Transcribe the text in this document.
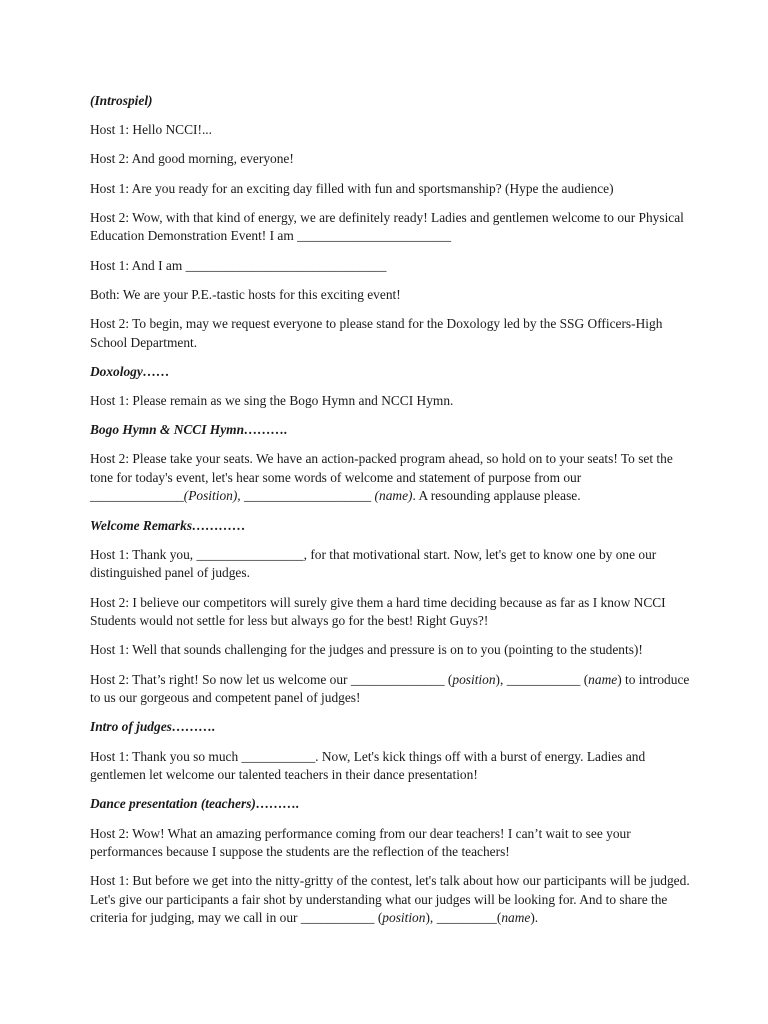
(Introspiel)

Host 1: Hello NCCI!...

Host 2: And good morning, everyone!

Host 1: Are you ready for an exciting day filled with fun and sportsmanship? (Hype the audience)

Host 2: Wow, with that kind of energy, we are definitely ready! Ladies and gentlemen welcome to our Physical Education Demonstration Event! I am _______________________

Host 1: And I am ______________________________

Both: We are your P.E.-tastic hosts for this exciting event!

Host 2: To begin, may we request everyone to please stand for the Doxology led by the SSG Officers-High School Department.

Doxology……

Host 1: Please remain as we sing the Bogo Hymn and NCCI Hymn.

Bogo Hymn & NCCI Hymn……….

Host 2: Please take your seats. We have an action-packed program ahead, so hold on to your seats! To set the tone for today's event, let's hear some words of welcome and statement of purpose from our ______________(Position), ___________________ (name). A resounding applause please.

Welcome Remarks…………

Host 1: Thank you, ________________, for that motivational start. Now, let's get to know one by one our distinguished panel of judges.

Host 2: I believe our competitors will surely give them a hard time deciding because as far as I know NCCI Students would not settle for less but always go for the best! Right Guys?!

Host 1: Well that sounds challenging for the judges and pressure is on to you (pointing to the students)!

Host 2: That’s right! So now let us welcome our ______________ (position), ___________ (name) to introduce to us our gorgeous and competent panel of judges!

Intro of judges……….

Host 1: Thank you so much ___________. Now, Let's kick things off with a burst of energy. Ladies and gentlemen let welcome our talented teachers in their dance presentation!

Dance presentation (teachers)……….

Host 2: Wow! What an amazing performance coming from our dear teachers! I can’t wait to see your performances because I suppose the students are the reflection of the teachers!

Host 1: But before we get into the nitty-gritty of the contest, let's talk about how our participants will be judged. Let's give our participants a fair shot by understanding what our judges will be looking for. And to share the criteria for judging, may we call in our ___________ (position), _________(name).
